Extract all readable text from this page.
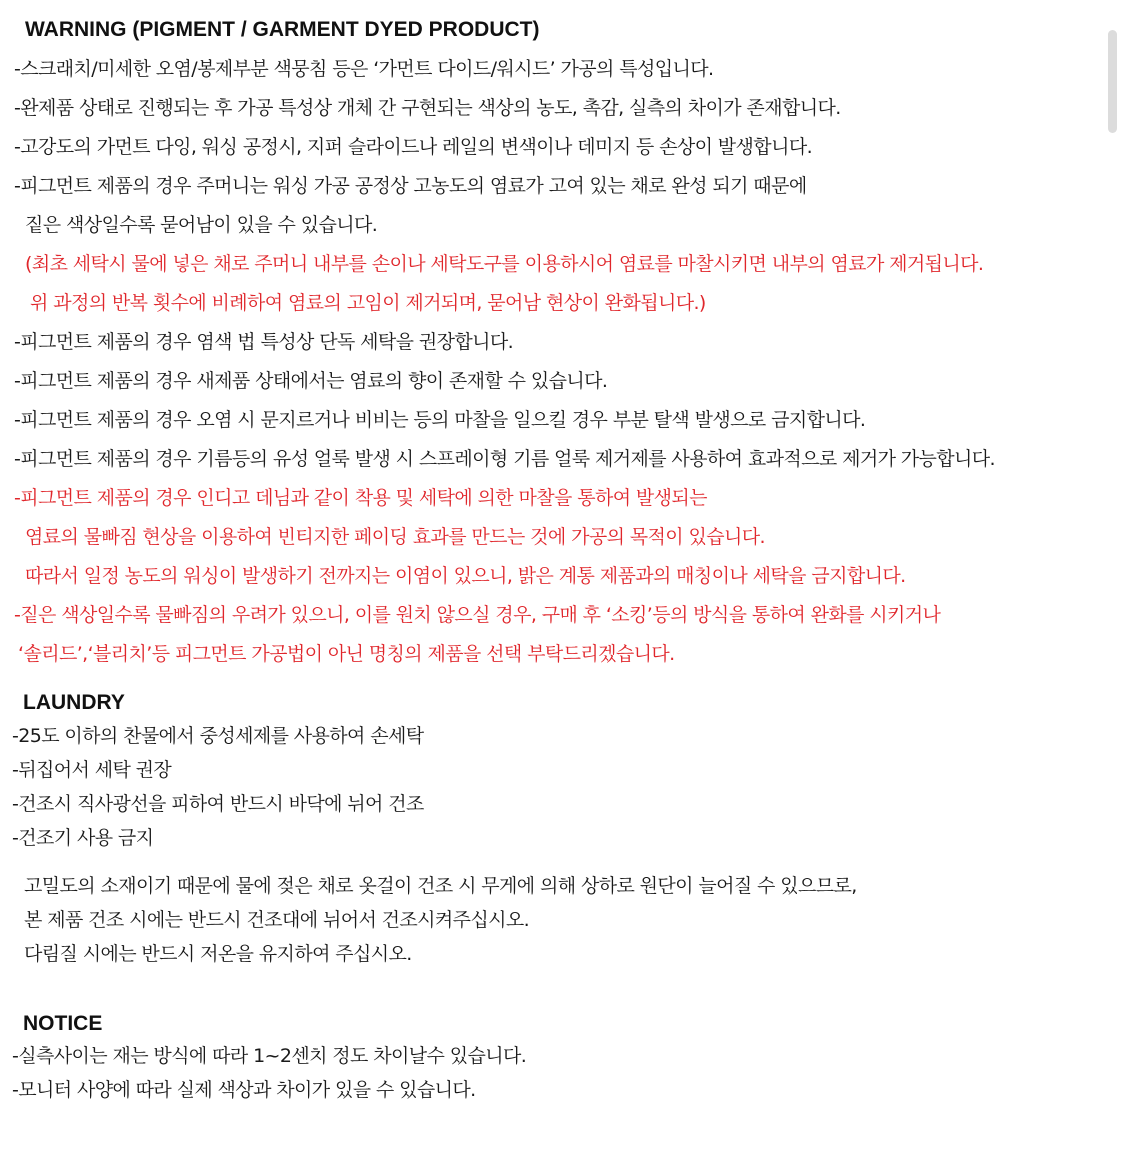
WARNING (PIGMENT / GARMENT DYED PRODUCT)
-스크래치/미세한 오염/봉제부분 색뭉침 등은 ‘가먼트 다이드/워시드’ 가공의 특성입니다.
-완제품 상태로 진행되는 후 가공 특성상 개체 간 구현되는 색상의 농도, 촉감, 실측의 차이가 존재합니다.
-고강도의 가먼트 다잉, 워싱 공정시, 지퍼 슬라이드나 레일의 변색이나 데미지 등 손상이 발생합니다.
-피그먼트 제품의 경우 주머니는 워싱 가공 공정상 고농도의 염료가 고여 있는 채로 완성 되기 때문에
짙은 색상일수록 묻어남이 있을 수 있습니다.
(최초 세탁시 물에 넣은 채로 주머니 내부를 손이나 세탁도구를 이용하시어 염료를 마찰시키면 내부의 염료가 제거됩니다.
위 과정의 반복 횟수에 비례하여 염료의 고임이 제거되며, 묻어남 현상이 완화됩니다.)
-피그먼트 제품의 경우 염색 법 특성상 단독 세탁을 권장합니다.
-피그먼트 제품의 경우 새제품 상태에서는 염료의 향이 존재할 수 있습니다.
-피그먼트 제품의 경우 오염 시 문지르거나 비비는 등의 마찰을 일으킬 경우 부분 탈색 발생으로 금지합니다.
-피그먼트 제품의 경우 기름등의 유성 얼룩 발생 시 스프레이형 기름 얼룩 제거제를 사용하여 효과적으로 제거가 가능합니다.
-피그먼트 제품의 경우 인디고 데님과 같이 착용 및 세탁에 의한 마찰을 통하여 발생되는
염료의 물빠짐 현상을 이용하여 빈티지한 페이딩 효과를 만드는 것에 가공의 목적이 있습니다.
따라서 일정 농도의 워싱이 발생하기 전까지는 이염이 있으니, 밝은 계통 제품과의 매칭이나 세탁을 금지합니다.
-짙은 색상일수록 물빠짐의 우려가 있으니, 이를 원치 않으실 경우, 구매 후 ‘소킹’등의 방식을 통하여 완화를 시키거나
‘솔리드’,‘블리치’등 피그먼트 가공법이 아닌 명칭의 제품을 선택 부탁드리겠습니다.
LAUNDRY
-25도 이하의 찬물에서 중성세제를 사용하여 손세탁
-뒤집어서 세탁 권장
-건조시 직사광선을 피하여 반드시 바닥에 뉘어 건조
-건조기 사용 금지
고밀도의 소재이기 때문에 물에 젖은 채로 옷걸이 건조 시 무게에 의해 상하로 원단이 늘어질 수 있으므로,
본 제품 건조 시에는 반드시 건조대에 뉘어서 건조시켜주십시오.
다림질 시에는 반드시 저온을 유지하여 주십시오.
NOTICE
-실측사이는 재는 방식에 따라 1~2센치 정도 차이날수 있습니다.
-모니터 사양에 따라 실제 색상과 차이가 있을 수 있습니다.
